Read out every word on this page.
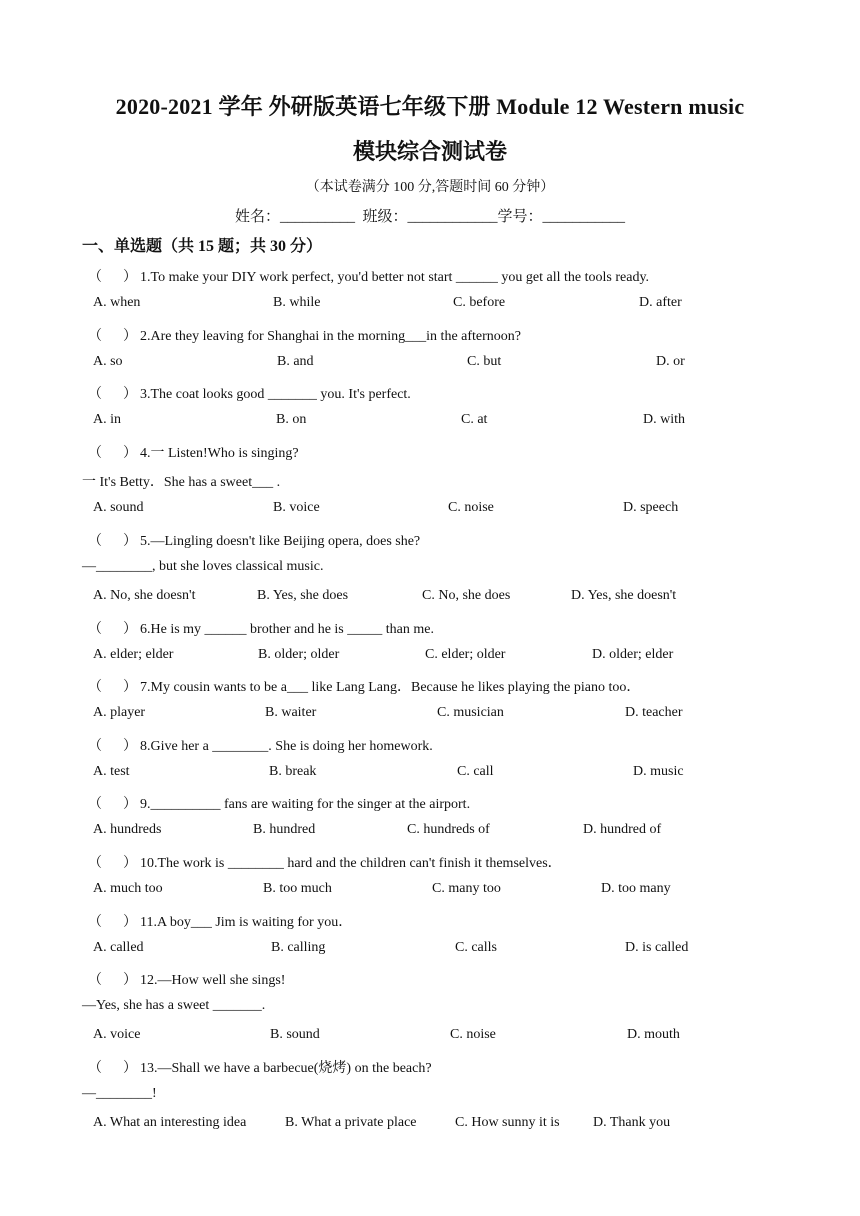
2020-2021 学年 外研版英语七年级下册 Module 12 Western music
模块综合测试卷
（本试卷满分 100 分,答题时间 60 分钟）
姓名：__________ 班级：____________学号：___________
一、单选题（共 15 题；共 30 分）
（      ） 1.To make your DIY work perfect, you'd better not start ______ you get all the tools ready.
A. when	B. while	C. before	D. after
（      ） 2.Are they leaving for Shanghai in the morning___in the afternoon?
A. so	B. and	C. but	D. or
（      ） 3.The coat looks good _______ you. It's perfect.
A. in	B. on	C. at	D. with
（      ） 4.一 Listen!Who is singing?
一 It's Betty．She has a sweet___ .
A. sound	B. voice	C. noise	D. speech
（      ） 5.—Lingling doesn't like Beijing opera, does she?
—________, but she loves classical music.
A. No, she doesn't	B. Yes, she does	C. No, she does	D. Yes, she doesn't
（      ） 6.He is my ______ brother and he is _____ than me.
A. elder; elder	B. older; older	C. elder; older	D. older; elder
（      ） 7.My cousin wants to be a___ like Lang Lang．Because he likes playing the piano too．
A. player	B. waiter	C. musician	D. teacher
（      ） 8.Give her a ________. She is doing her homework.
A. test	B. break	C. call	D. music
（      ） 9.__________ fans are waiting for the singer at the airport.
A. hundreds	B. hundred	C. hundreds of	D. hundred of
（      ） 10.The work is ________ hard and the children can't finish it themselves．
A. much too	B. too much	C. many too	D. too many
（      ） 11.A boy___ Jim is waiting for you．
A. called	B. calling	C. calls	D. is called
（      ） 12.—How well she sings!
—Yes, she has a sweet _______.
A. voice	B. sound	C. noise	D. mouth
（      ） 13.—Shall we have a barbecue(烧烤) on the beach?
—________!
A. What an interesting idea	B. What a private place	C. How sunny it is D. Thank you
